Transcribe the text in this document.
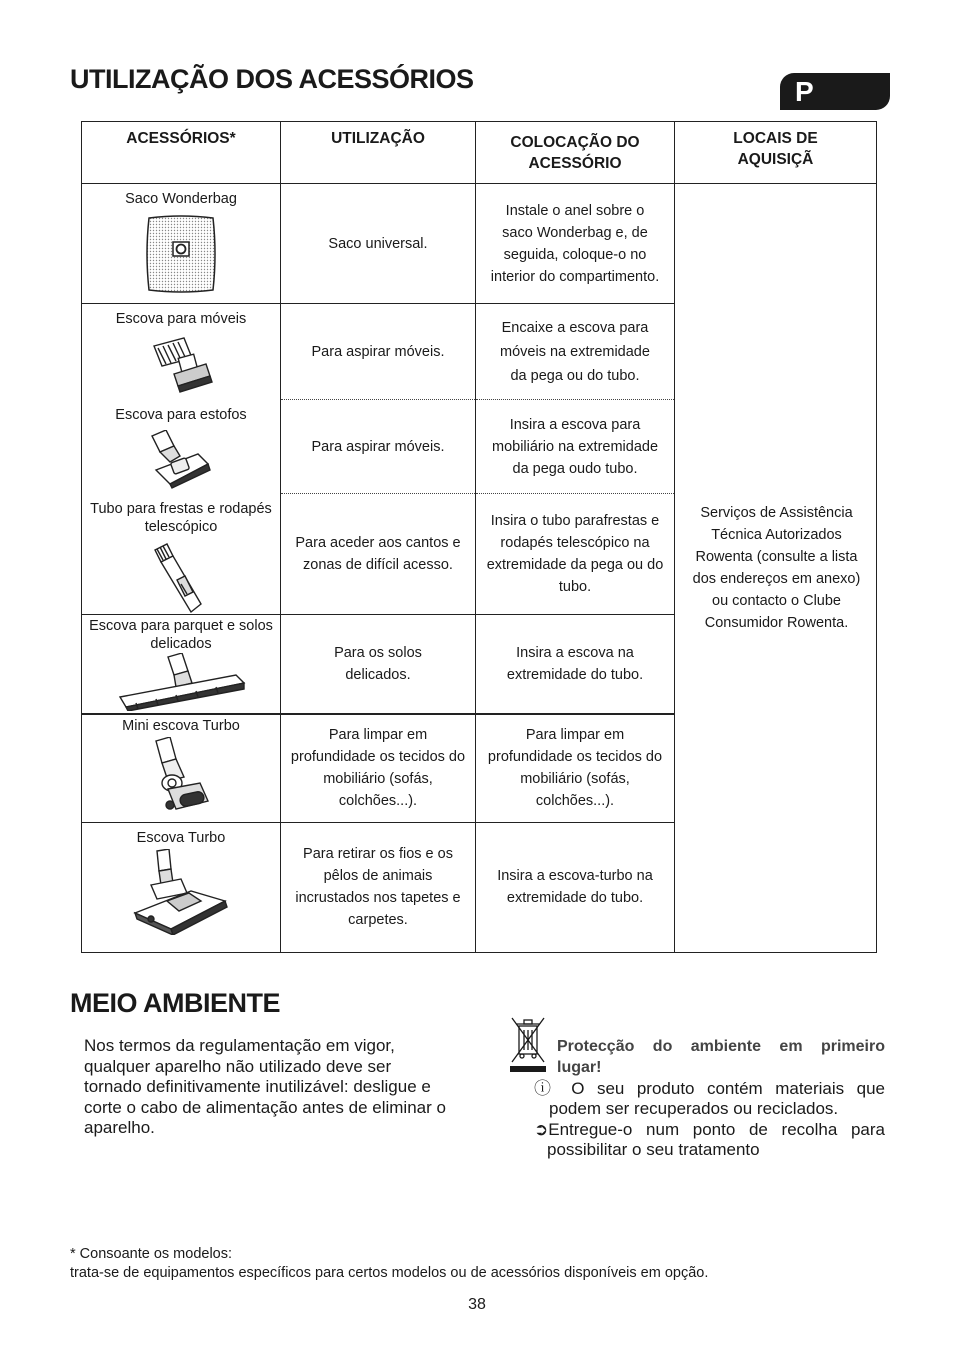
UTILIZAÇÃO DOS ACESSÓRIOS	P
ACESSÓRIOS*	UTILIZAÇÃO	COLOCAÇÃO DO ACESSÓRIO	LOCAIS DE AQUISIÇÃ

Saco Wonderbag	Saco universal.	Instale o anel sobre o saco Wonderbag e, de seguida, coloque-o no interior do compartimento.	Serviços de Assistência Técnica Autorizados Rowenta (consulte a lista dos endereços em anexo) ou contacto o Clube Consumidor Rowenta.

Escova para móveis	Para aspirar móveis.	Encaixe a escova para móveis na extremidade da pega ou do tubo.	

Escova para estofos	Para aspirar móveis.	Insira a escova para mobiliário na extremidade da pega oudo tubo.	

Tubo para frestas e rodapés telescópico	Para aceder aos cantos e zonas de difícil acesso.	Insira o tubo parafrestas e rodapés telescópico na extremidade da pega ou do tubo.	

Escova para parquet e solos      delicados	Para os solos delicados.	Insira a escova na extremidade do tubo.	

Mini escova Turbo	Para limpar em profundidade os tecidos do mobiliário (sofás, colchões...).	Para limpar em profundidade os tecidos do mobiliário (sofás, colchões...).	

Escova Turbo	Para retirar os fios e os pêlos de animais incrustados nos tapetes e carpetes.	Insira a escova-turbo na extremidade do tubo.	
MEIO AMBIENTE
Nos termos da regulamentação em vigor, qualquer aparelho não utilizado deve ser tornado definitivamente inutilizável: desligue e corte o cabo de alimentação antes de eliminar o aparelho.
Protecção do ambiente em primeiro
lugar!
ⓘ O seu produto contém materiais que
podem ser recuperados ou reciclados.
➲Entregue-o num ponto de recolha para
possibilitar o seu tratamento
* Consoante os modelos:
trata-se de equipamentos específicos para certos modelos ou de acessórios disponíveis em opção.
38
